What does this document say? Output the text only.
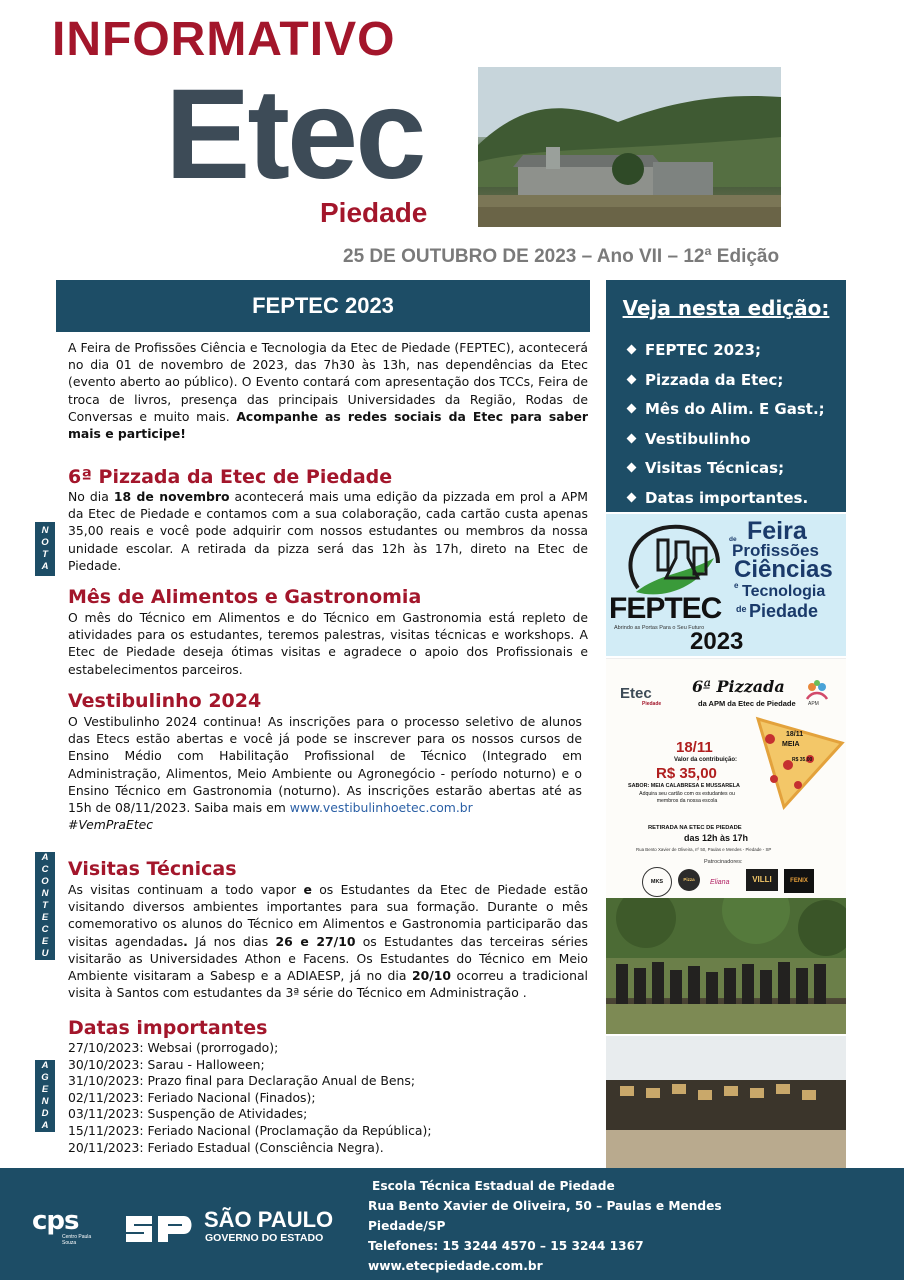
INFORMATIVO
Etec
Piedade
25 DE OUTUBRO DE 2023 – Ano VII – 12ª Edição
FEPTEC 2023
A Feira de Profissões Ciência e Tecnologia da Etec de Piedade (FEPTEC), acontecerá no dia 01 de novembro de 2023, das 7h30 às 13h, nas dependências da Etec (evento aberto ao público). O Evento contará com apresentação dos TCCs, Feira de troca de livros, presença das principais Universidades da Região, Rodas de Conversas e muito mais. Acompanhe as redes sociais da Etec para saber mais e participe!
6ª Pizzada da Etec de Piedade
No dia 18 de novembro acontecerá mais uma edição da pizzada em prol a APM da Etec de Piedade e contamos com a sua colaboração, cada cartão custa apenas 35,00 reais e você pode adquirir com nossos estudantes ou membros da nossa unidade escolar. A retirada da pizza será das 12h às 17h, direto na Etec de Piedade.
N
O
T
A
Mês de Alimentos e Gastronomia
O mês do Técnico em Alimentos e do Técnico em Gastronomia está repleto de atividades para os estudantes, teremos palestras, visitas técnicas e workshops. A Etec de Piedade deseja ótimas visitas e agradece o apoio dos Profissionais e estabelecimentos parceiros.
Vestibulinho 2024
O Vestibulinho 2024 continua! As inscrições para o processo seletivo de alunos das Etecs estão abertas e você já pode se inscrever para os nossos cursos de Ensino Médio com Habilitação Profissional de Técnico (Integrado em Administração, Alimentos, Meio Ambiente ou Agronegócio - período noturno) e o Ensino Técnico em Gastronomia (noturno). As inscrições estarão abertas até as 15h de 08/11/2023. Saiba mais em www.vestibulinhoetec.com.br
#VemPraEtec
A
C
O
N
T
E
C
E
U
Visitas Técnicas
As visitas continuam a todo vapor e os Estudantes da Etec de Piedade estão visitando diversos ambientes importantes para sua formação. Durante o mês comemorativo os alunos do Técnico em Alimentos e Gastronomia participarão das visitas agendadas. Já nos dias 26 e 27/10 os Estudantes das terceiras séries visitarão as Universidades Athon e Facens. Os Estudantes do Técnico em Meio Ambiente visitaram a Sabesp e a ADIAESP, já no dia 20/10 ocorreu a tradicional visita à Santos com estudantes da 3ª série do Técnico em Administração .
Datas importantes
A
G
E
N
D
A
27/10/2023: Websai (prorrogado);
30/10/2023: Sarau - Halloween;
31/10/2023: Prazo final para Declaração Anual de Bens;
02/11/2023: Feriado Nacional (Finados);
03/11/2023: Suspenção de Atividades;
15/11/2023: Feriado Nacional (Proclamação da República);
20/11/2023: Feriado Estadual (Consciência Negra).
Veja nesta edição:
FEPTEC 2023;
Pizzada da Etec;
Mês do Alim. E Gast.;
Vestibulinho
Visitas Técnicas;
Datas importantes.
FEPTEC
Abrindo as Portas Para o Seu Futuro
de Feira
Profissões
Ciências
e Tecnologia
de Piedade
2023
Etec
Piedade
6ª Pizzada
da APM da Etec de Piedade APM
18/11
Valor da contribuição:
R$ 35,00
SABOR: MEIA CALABRESA E MUSSARELA
Adquira seu cartão com os estudantes ou membros da nossa escola
18/11
MEIA
R$ 35,00
RETIRADA NA ETEC DE PIEDADE
das 12h às 17h
Rua Bento Xavier de Oliveira, nº 50, Paulas e Mendes - Piedade - SP
Patrocinadores:
MKS	Pizza	Eliana	VILLI	FENIX
cps
Centro Paula Souza
SÃO PAULO
GOVERNO DO ESTADO
Escola Técnica Estadual de Piedade
Rua Bento Xavier de Oliveira, 50 – Paulas e Mendes
Piedade/SP
Telefones: 15 3244 4570 – 15 3244 1367
www.etecpiedade.com.br
